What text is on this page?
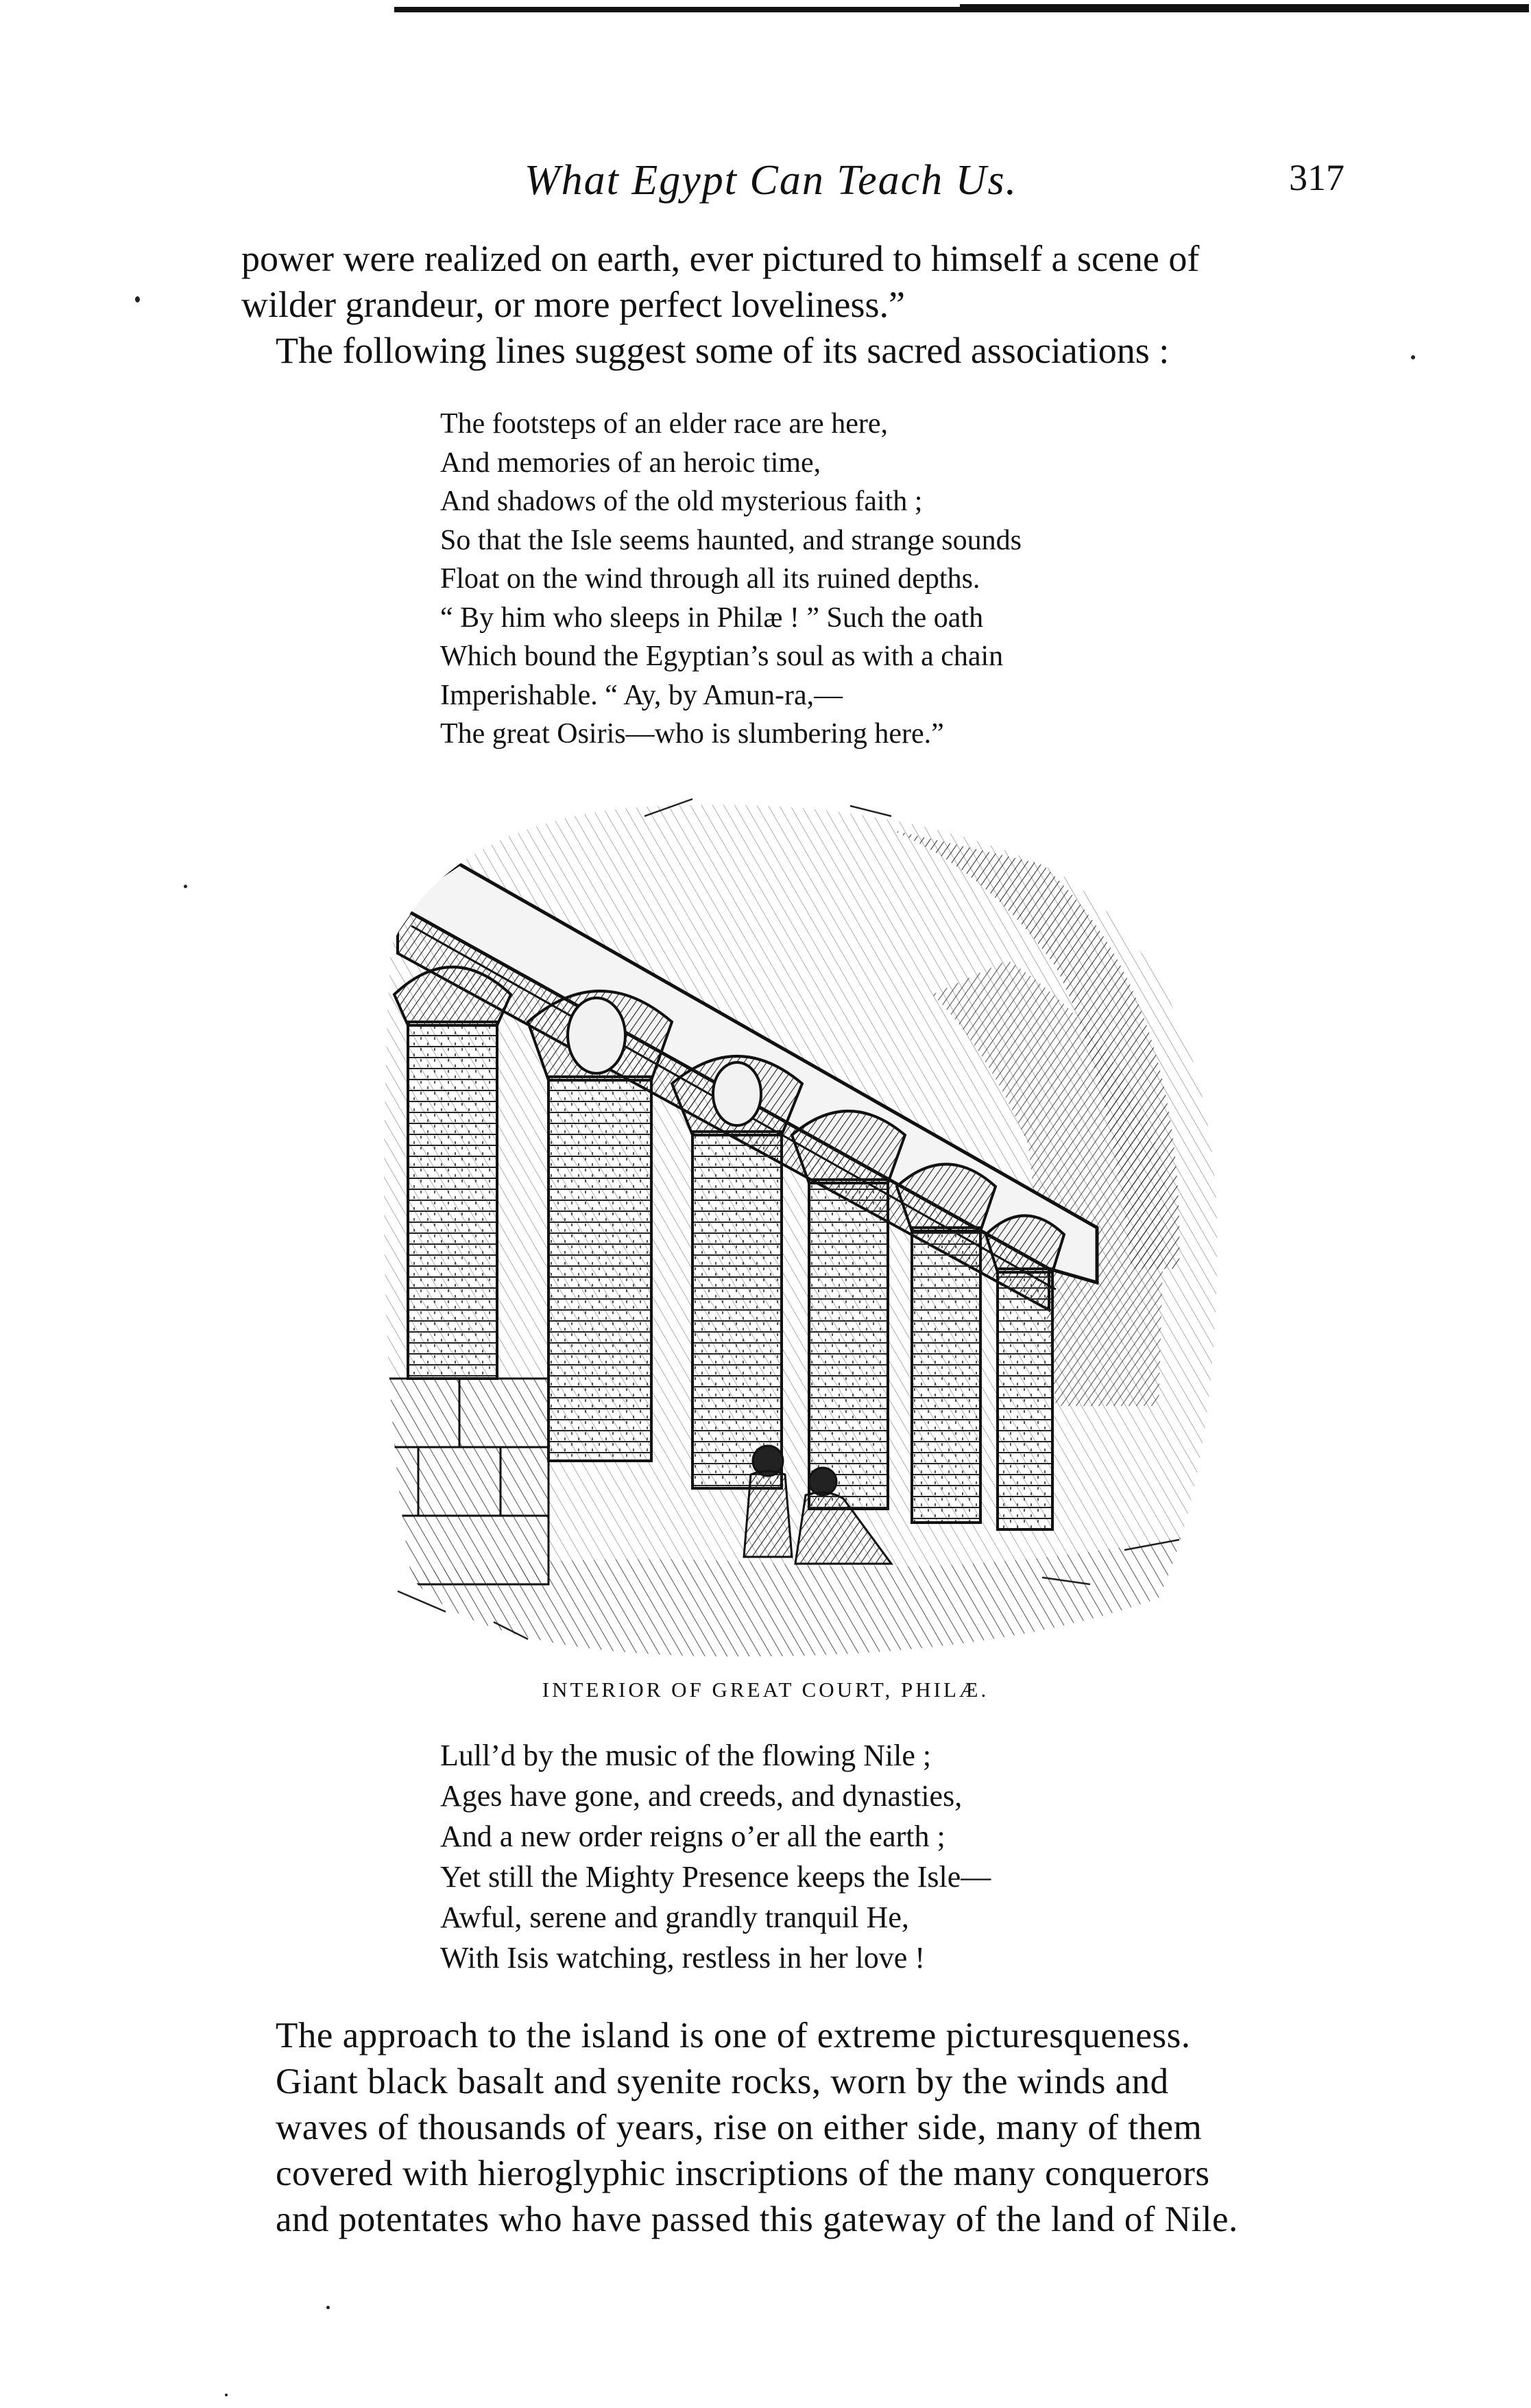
What Egypt Can Teach Us.	317

power were realized on earth, ever pictured to himself a scene of
wilder grandeur, or more perfect loveliness.”

The following lines suggest some of its sacred associations :

The footsteps of an elder race are here,
And memories of an heroic time,
And shadows of the old mysterious faith ;
So that the Isle seems haunted, and strange sounds
Float on the wind through all its ruined depths.
“ By him who sleeps in Philæ ! ” Such the oath
Which bound the Egyptian’s soul as with a chain
Imperishable. “ Ay, by Amun-ra,—
The great Osiris—who is slumbering here.”
INTERIOR OF GREAT COURT, PHILÆ.
Lull’d by the music of the flowing Nile ;
Ages have gone, and creeds, and dynasties,
And a new order reigns o’er all the earth ;
Yet still the Mighty Presence keeps the Isle—
Awful, serene and grandly tranquil He,
With Isis watching, restless in her love !

The approach to the island is one of extreme picturesqueness.
Giant black basalt and syenite rocks, worn by the winds and
waves of thousands of years, rise on either side, many of them
covered with hieroglyphic inscriptions of the many conquerors
and potentates who have passed this gateway of the land of Nile.
